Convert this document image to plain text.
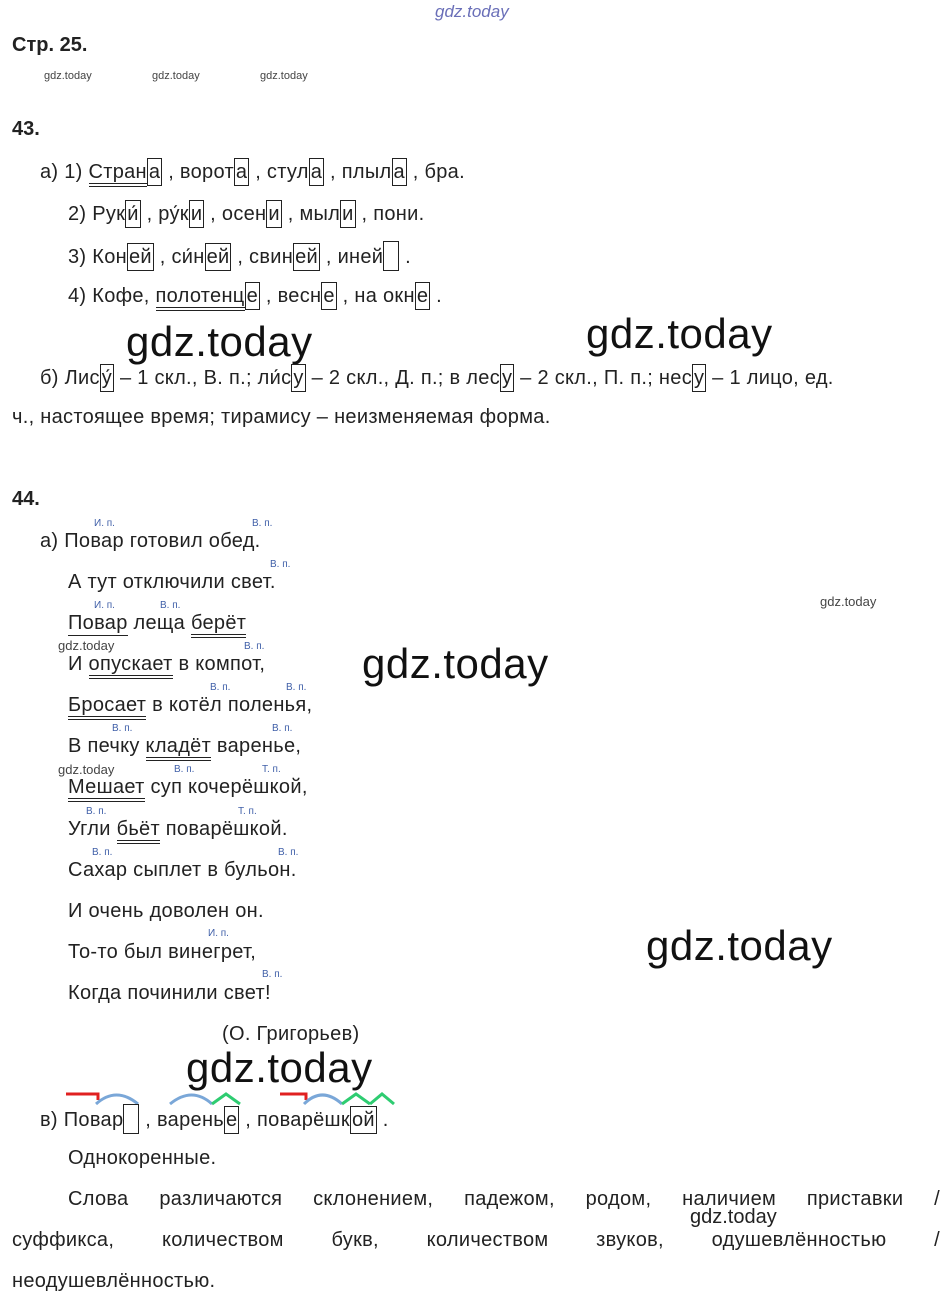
gdz.today
gdz.today	gdz.today	gdz.today
gdz.today	gdz.today
gdz.today
gdz.today	gdz.today
gdz.today
gdz.today
gdz.today
gdz.today
Стр. 25.
43.
а) 1) Стран а , ворот а , стул а , плыл а , бра.
2) Рук и́ , ру́к и , осен и , мыл и , пони.
3) Кон ей , си́н ей , свин ей , иней .
4) Кофе, полотенц е , весн е , на окн е .
б) Лис у́ – 1 скл., В. п.; ли́с у – 2 скл., Д. п.; в лес у – 2 скл., П. п.; нес у – 1 лицо, ед.
ч., настоящее время; тирамису – неизменяемая форма.
44.
И. п.	В. п.
В. п.
И. п.	В. п.
В. п.
В. п.	В. п.
В. п.	В. п.
В. п.	Т. п.
В. п.	Т. п.
В. п.	В. п.
И. п.
В. п.
а) Повар готовил обед.
А тут отключили свет.
Повар леща берёт
И опускает в компот,
Бросает в котёл поленья,
В печку кладёт варенье,
Мешает суп кочерёшкой,
Угли бьёт поварёшкой.
Сахар сыплет в бульон.
И очень доволен он.
То-то был винегрет,
Когда починили свет!
(О. Григорьев)
в) Повар , варень е , поварёшк ой .
Однокоренные.
Слова различаются склонением, падежом, родом, наличием приставки /
суффикса, количеством букв, количеством звуков, одушевлённостью /
неодушевлённостью.
